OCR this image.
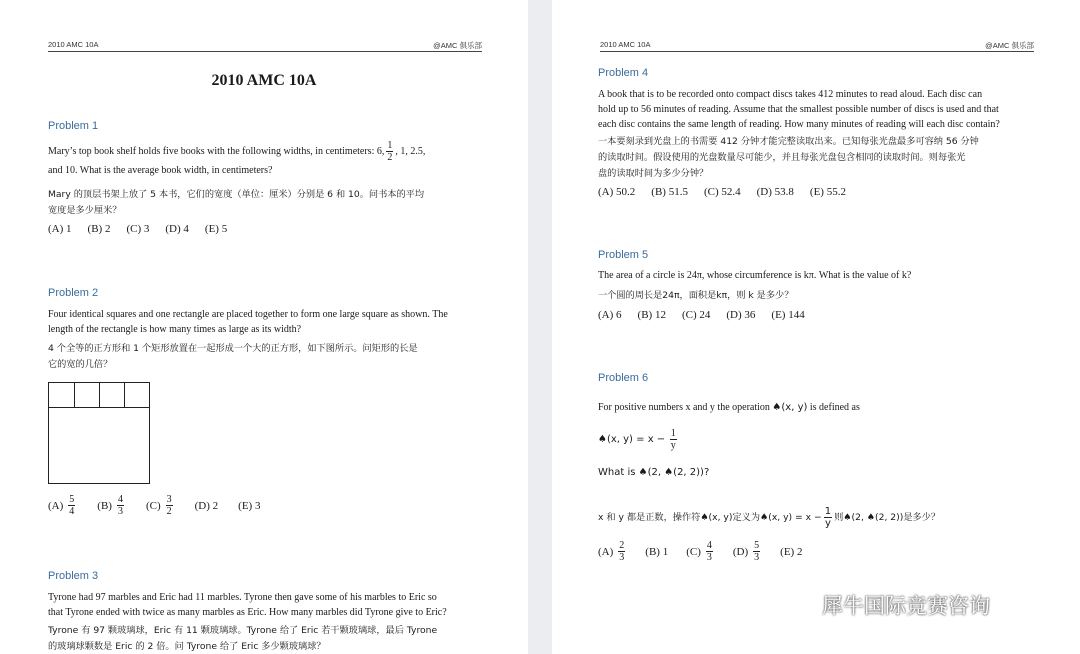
2010 AMC 10A	@AMC 俱乐部
2010 AMC 10A
Problem 1
Mary’s top book shelf holds five books with the following widths, in centimeters: 6, $\frac{1}{2}$ , 1, 2.5,
and 10. What is the average book width, in centimeters?
Mary 的顶层书架上放了 5 本书，它们的宽度（单位：厘米）分别是 6 和 10。问书本的平均
宽度是多少厘米？
(A) 1 (B) 2 (C) 3 (D) 4 (E) 5
Problem 2
Four identical squares and one rectangle are placed together to form one large square as shown. The
length of the rectangle is how many times as large as its width?
4 个全等的正方形和 1 个矩形放置在一起形成一个大的正方形，如下图所示。问矩形的长是
它的宽的几倍？
$(A) \frac{5}{4} (B) \frac{4}{3} (C) \frac{3}{2} (D)$ 2 (E) 3
Problem 3
Tyrone had 97 marbles and Eric had 11 marbles. Tyrone then gave some of his marbles to Eric so
that Tyrone ended with twice as many marbles as Eric. How many marbles did Tyrone give to Eric?
Tyrone 有 97 颗玻璃球，Eric 有 11 颗玻璃球。Tyrone 给了 Eric 若干颗玻璃球，最后 Tyrone
的玻璃球颗数是 Eric 的 2 倍。问 Tyrone 给了 Eric 多少颗玻璃球？
2010 AMC 10A	@AMC 俱乐部
Problem 4
A book that is to be recorded onto compact discs takes 412 minutes to read aloud. Each disc can
hold up to 56 minutes of reading. Assume that the smallest possible number of discs is used and that
each disc contains the same length of reading. How many minutes of reading will each disc contain?
一本要刻录到光盘上的书需要 412 分钟才能完整读取出来。已知每张光盘最多可容纳 56 分钟
的读取时间。假设使用的光盘数量尽可能少，并且每张光盘包含相同的读取时间。则每张光
盘的读取时间为多少分钟？
(A) 50.2 (B) 51.5 (C) 52.4 (D) 53.8 (E) 55.2
Problem 5
The area of a circle is 24π, whose circumference is kπ. What is the value of k?
一个圆的周长是24π，面积是kπ，则 k 是多少？
(A) 6 (B) 12 (C) 24 (D) 36 (E) 144
Problem 6
For positive numbers x and y the operation ♠(x, y) is defined as
♠(x, $y) = x - \frac{1}{y}$
What is ♠(2, ♠(2, 2))?
x 和 y 都是正数，操作符♠(x, y)定义为♠(x, $y) = x - \frac{1}{y}$ 则♠(2, ♠(2, 2))是多少？
$(A) \frac{2}{3} (B)$ 1 $(C) \frac{4}{3} (D) \frac{5}{3} (E)$ 2
犀牛国际竞赛咨询
